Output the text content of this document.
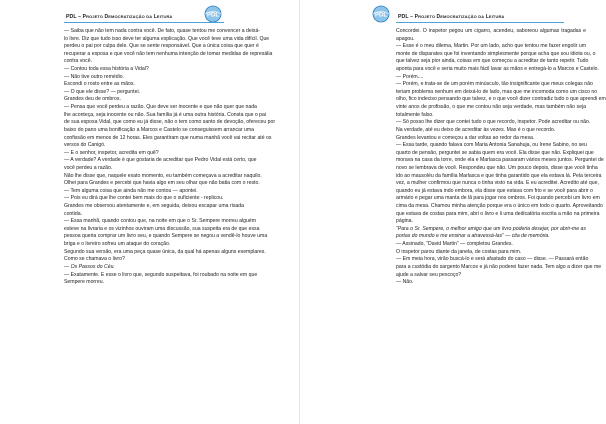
PDL – Projeto Democratização da Leitura	PDL
— Saiba que não tem nada contra você. De fato, quase tentou me convencer a deixá-
lo livre. Diz que tudo isso deve ter alguma explicação. Que você teve uma vida difícil. Que
perdeu o pai por culpa dele. Que se sente responsável. Que a única coisa que quer é
recuperar a esposa e que você não tem nenhuma intenção de tomar medidas de represália
contra você.
— Contou toda essa história a Vidal?
— Não tive outro remédio.
Escondi o rosto entre as mãos.
— O que ele disse? — perguntei.
Grandes deu de ombros.
— Pensa que você perdeu a razão. Que deve ser inocente e que não quer que nada
lhe aconteça, seja inocente ou não. Sua família já é uma outra história. Consta que o pai
de sua esposa Vidal, que como eu já disse, não o tem como santo de devoção, ofereceu por
baixo do pano uma bonificação a Marcos e Castelo se conseguissem arrancar uma
confissão em menos de 12 horas. Eles garantiram que numa manhã você vai recitar até os
versos do Canigó.
— E o senhor, inspetor, acredita em quê?
— A verdade? A verdade é que gostaria de acreditar que Pedro Vidal está certo, que
você perdeu a razão.
Não lhe disse que, naquele exato momento, eu também começava a acreditar naquilo.
Olhei para Grandes e percebi que havia algo em seu olhar que não batia com o resto.
— Tem alguma coisa que ainda não me contou — apontei.
— Pois eu dirá que lhe contei bem mais do que o suficiente - replicou.
Grandes me observou atentamente e, em seguida, deixou escapar uma risada
contida.
— Essa manhã, quando contou que, na noite em que o Sr. Sempere morreu alguém
esteve na livraria e os vizinhos ouviram uma discussão, sua suspeita era de que essa
pessoa queria comprar um livro seu, e quando Sempere se negou a vendê-lo houve uma
briga e o livreiro sofreu um ataque do coração.
Segundo sua versão, era uma peça quase única, da qual há apenas alguns exemplares.
Como se chamava o livro?
— Os Passos do Céu.
— Exatamente. E esse o livro que, segundo suspeitava, foi roubado na noite em que
Sempere morreu.
PDL – Projeto Democratização da Leitura
PDL
Concordei. O inspetor pegou um cigarro, acendeu, saboreou algumas tragadas e
apagou.
— Esse é o meu dilema, Martin. Por um lado, acho que tentou me fazer engolir um
monte de disparates que foi inventando simplesmente porque acha que sou idiota ou, o
que talvez seja pior ainda, coisas em que começou a acreditar de tanto repetir. Tudo
aponta para você e seria muito mais fácil lavar as mãos e entregá-lo a Marcos e Castelo.
— Porém....
— Porém, e trata-se de um porém minúsculo, tão insignificante que meus colegas não
teriam problema nenhum em deixá-lo de lado, mas que me incomoda como um cisco no
olho, fico indeciso pensando que talvez, e o que você dizer contradiz tudo o que aprendi em
vinte anos de profissão, o que me contou não seja verdade, mas também não seja
totalmente falso.
— Só posso lhe dizer que contei tudo o que recordo, inspetor. Pode acreditar ou não.
Na verdade, até eu deixo de acreditar às vezes. Mas é o que recordo.
Grandes levantou e começou a dar voltas ao redor da mesa.
— Essa tarde, quando falava com Maria Antonia Sanahuja, ou Irene Sabino, no seu
quarto de pensão, perguntei se sabia quem era você. Ela disse que não. Expliquei que
morava na casa da torre, onde ela e Marlasca passaram vários meses juntos. Perguntei de
novo se lembrava de você. Respondeu que não. Um pouco depois, disse que você tinha
ido ao mausoléu da família Marlasca e que tinha garantido que ela estava lá. Pela terceira
vez, a mulher confirmou que nunca o tinha visto na vida. E eu acreditei. Acredito até que,
quando eu já estava indo embora, ela disse que estava com frio e se você para abrir o
armário e pegar uma manta de lã para jogar nos ombros. Foi quando percebi um livro em
cima da mesa. Chamou minha atenção porque era o único em todo o quarto. Aproveitando
que estava de costas para mim, abri o livro e li uma dedicatória escrita a mão na primeira
página.
“Para o Sr. Sempere, o melhor amigo que um livro poderia desejar, por abrir-me as
portas do mundo e me ensinar a atravessá-las” — cita de memória.
— Assinado, “David Martin” — completou Grandes.
O inspetor parou diante da janela, de costas para mim.
— Em meia hora, virão buscá-lo e será afastado do caso — disse. — Passará então
para a custódia do sargento Marcos e já não poderei fazer nada. Tem algo a dizer que me
ajude a salvar seu pescoço?
— Não.
